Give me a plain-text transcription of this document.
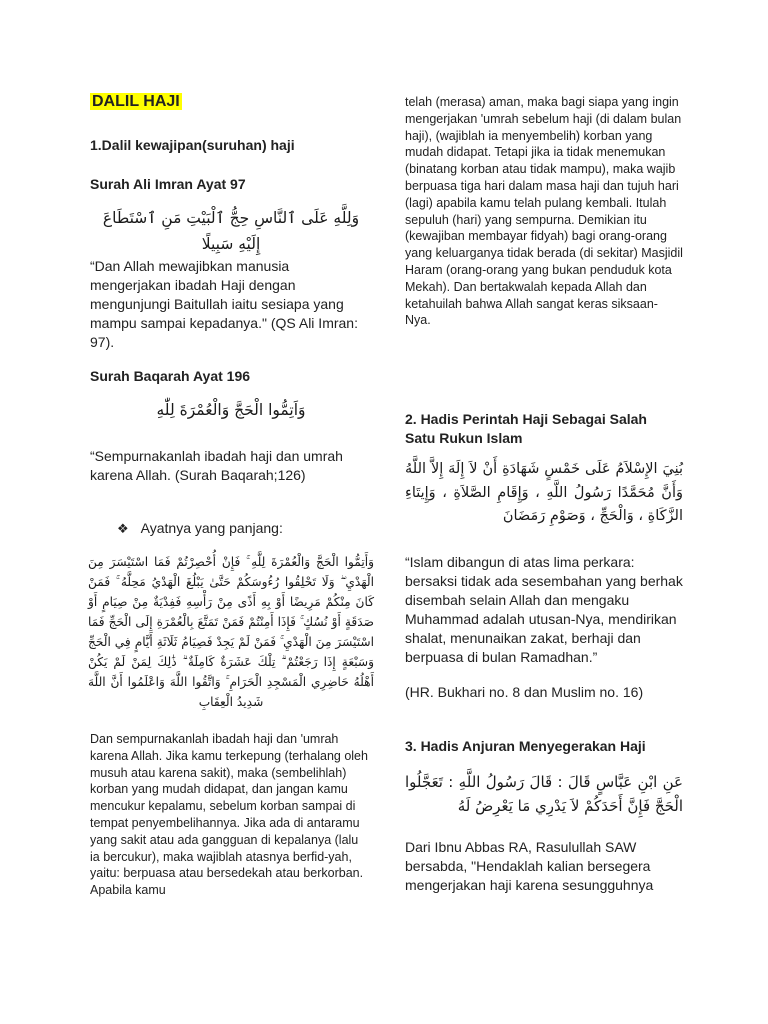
DALIL HAJI
1.Dalil kewajipan(suruhan) haji
Surah Ali Imran Ayat 97
وَلِلَّهِ عَلَى ٱلنَّاسِ حِجُّ ٱلْبَيْتِ مَنِ ٱسْتَطَاعَ إِلَيْهِ سَبِيلًا
“Dan Allah mewajibkan manusia mengerjakan ibadah Haji dengan mengunjungi Baitullah iaitu sesiapa yang mampu sampai kepadanya." (QS Ali Imran: 97).
Surah Baqarah Ayat 196
وَاَتِمُّوا الْحَجَّ وَالْعُمْرَةَ لِلّٰهِ
“Sempurnakanlah ibadah haji dan umrah karena Allah. (Surah Baqarah;126)
❖ Ayatnya yang panjang:
وَأَتِمُّوا الْحَجَّ وَالْعُمْرَةَ لِلَّهِ ۚ فَإِنْ أُحْصِرْتُمْ فَمَا اسْتَيْسَرَ مِنَ الْهَدْيِ ۖ وَلَا تَحْلِقُوا رُءُوسَكُمْ حَتَّىٰ يَبْلُغَ الْهَدْيُ مَحِلَّهُ ۚ فَمَنْ كَانَ مِنْكُمْ مَرِيضًا أَوْ بِهِ أَذًى مِنْ رَأْسِهِ فَفِدْيَةٌ مِنْ صِيَامٍ أَوْ صَدَقَةٍ أَوْ نُسُكٍ ۚ فَإِذَا أَمِنْتُمْ فَمَنْ تَمَتَّعَ بِالْعُمْرَةِ إِلَى الْحَجِّ فَمَا اسْتَيْسَرَ مِنَ الْهَدْيِ ۚ فَمَنْ لَمْ يَجِدْ فَصِيَامُ ثَلَاثَةِ أَيَّامٍ فِي الْحَجِّ وَسَبْعَةٍ إِذَا رَجَعْتُمْ ۗ تِلْكَ عَشَرَةٌ كَامِلَةٌ ۗ ذَٰلِكَ لِمَنْ لَمْ يَكُنْ أَهْلُهُ حَاضِرِي الْمَسْجِدِ الْحَرَامِ ۚ وَاتَّقُوا اللَّهَ وَاعْلَمُوا أَنَّ اللَّهَ شَدِيدُ الْعِقَابِ
Dan sempurnakanlah ibadah haji dan 'umrah karena Allah. Jika kamu terkepung (terhalang oleh musuh atau karena sakit), maka (sembelihlah) korban yang mudah didapat, dan jangan kamu mencukur kepalamu, sebelum korban sampai di tempat penyembelihannya. Jika ada di antaramu yang sakit atau ada gangguan di kepalanya (lalu ia bercukur), maka wajiblah atasnya berfid-yah, yaitu: berpuasa atau bersedekah atau berkorban. Apabila kamu
telah (merasa) aman, maka bagi siapa yang ingin mengerjakan 'umrah sebelum haji (di dalam bulan haji), (wajiblah ia menyembelih) korban yang mudah didapat. Tetapi jika ia tidak menemukan (binatang korban atau tidak mampu), maka wajib berpuasa tiga hari dalam masa haji dan tujuh hari (lagi) apabila kamu telah pulang kembali. Itulah sepuluh (hari) yang sempurna. Demikian itu (kewajiban membayar fidyah) bagi orang-orang yang keluarganya tidak berada (di sekitar) Masjidil Haram (orang-orang yang bukan penduduk kota Mekah). Dan bertakwalah kepada Allah dan ketahuilah bahwa Allah sangat keras siksaan-Nya.
2. Hadis Perintah Haji Sebagai Salah Satu Rukun Islam
بُنِيَ الإِسْلاَمُ عَلَى خَمْسٍ شَهَادَةِ أَنْ لاَ إِلَهَ إِلاَّ اللَّهُ وَأَنَّ مُحَمَّدًا رَسُولُ اللَّهِ ، وَإِقَامِ الصَّلاَةِ ، وَإِيتَاءِ الزَّكَاةِ ، وَالْحَجِّ ، وَصَوْمِ رَمَضَانَ
“Islam dibangun di atas lima perkara: bersaksi tidak ada sesembahan yang berhak disembah selain Allah dan mengaku Muhammad adalah utusan-Nya, mendirikan shalat, menunaikan zakat, berhaji dan berpuasa di bulan Ramadhan.”
(HR. Bukhari no. 8 dan Muslim no. 16)
3. Hadis Anjuran Menyegerakan Haji
عَنِ ابْنِ عَبَّاسٍ قَالَ : قَالَ رَسُولُ اللَّهِ : تَعَجَّلُوا الْحَجَّ فَإِنَّ أَحَدَكُمْ لاَ يَدْرِي مَا يَعْرِضُ لَهُ
Dari Ibnu Abbas RA, Rasulullah SAW bersabda, "Hendaklah kalian bersegera mengerjakan haji karena sesungguhnya
